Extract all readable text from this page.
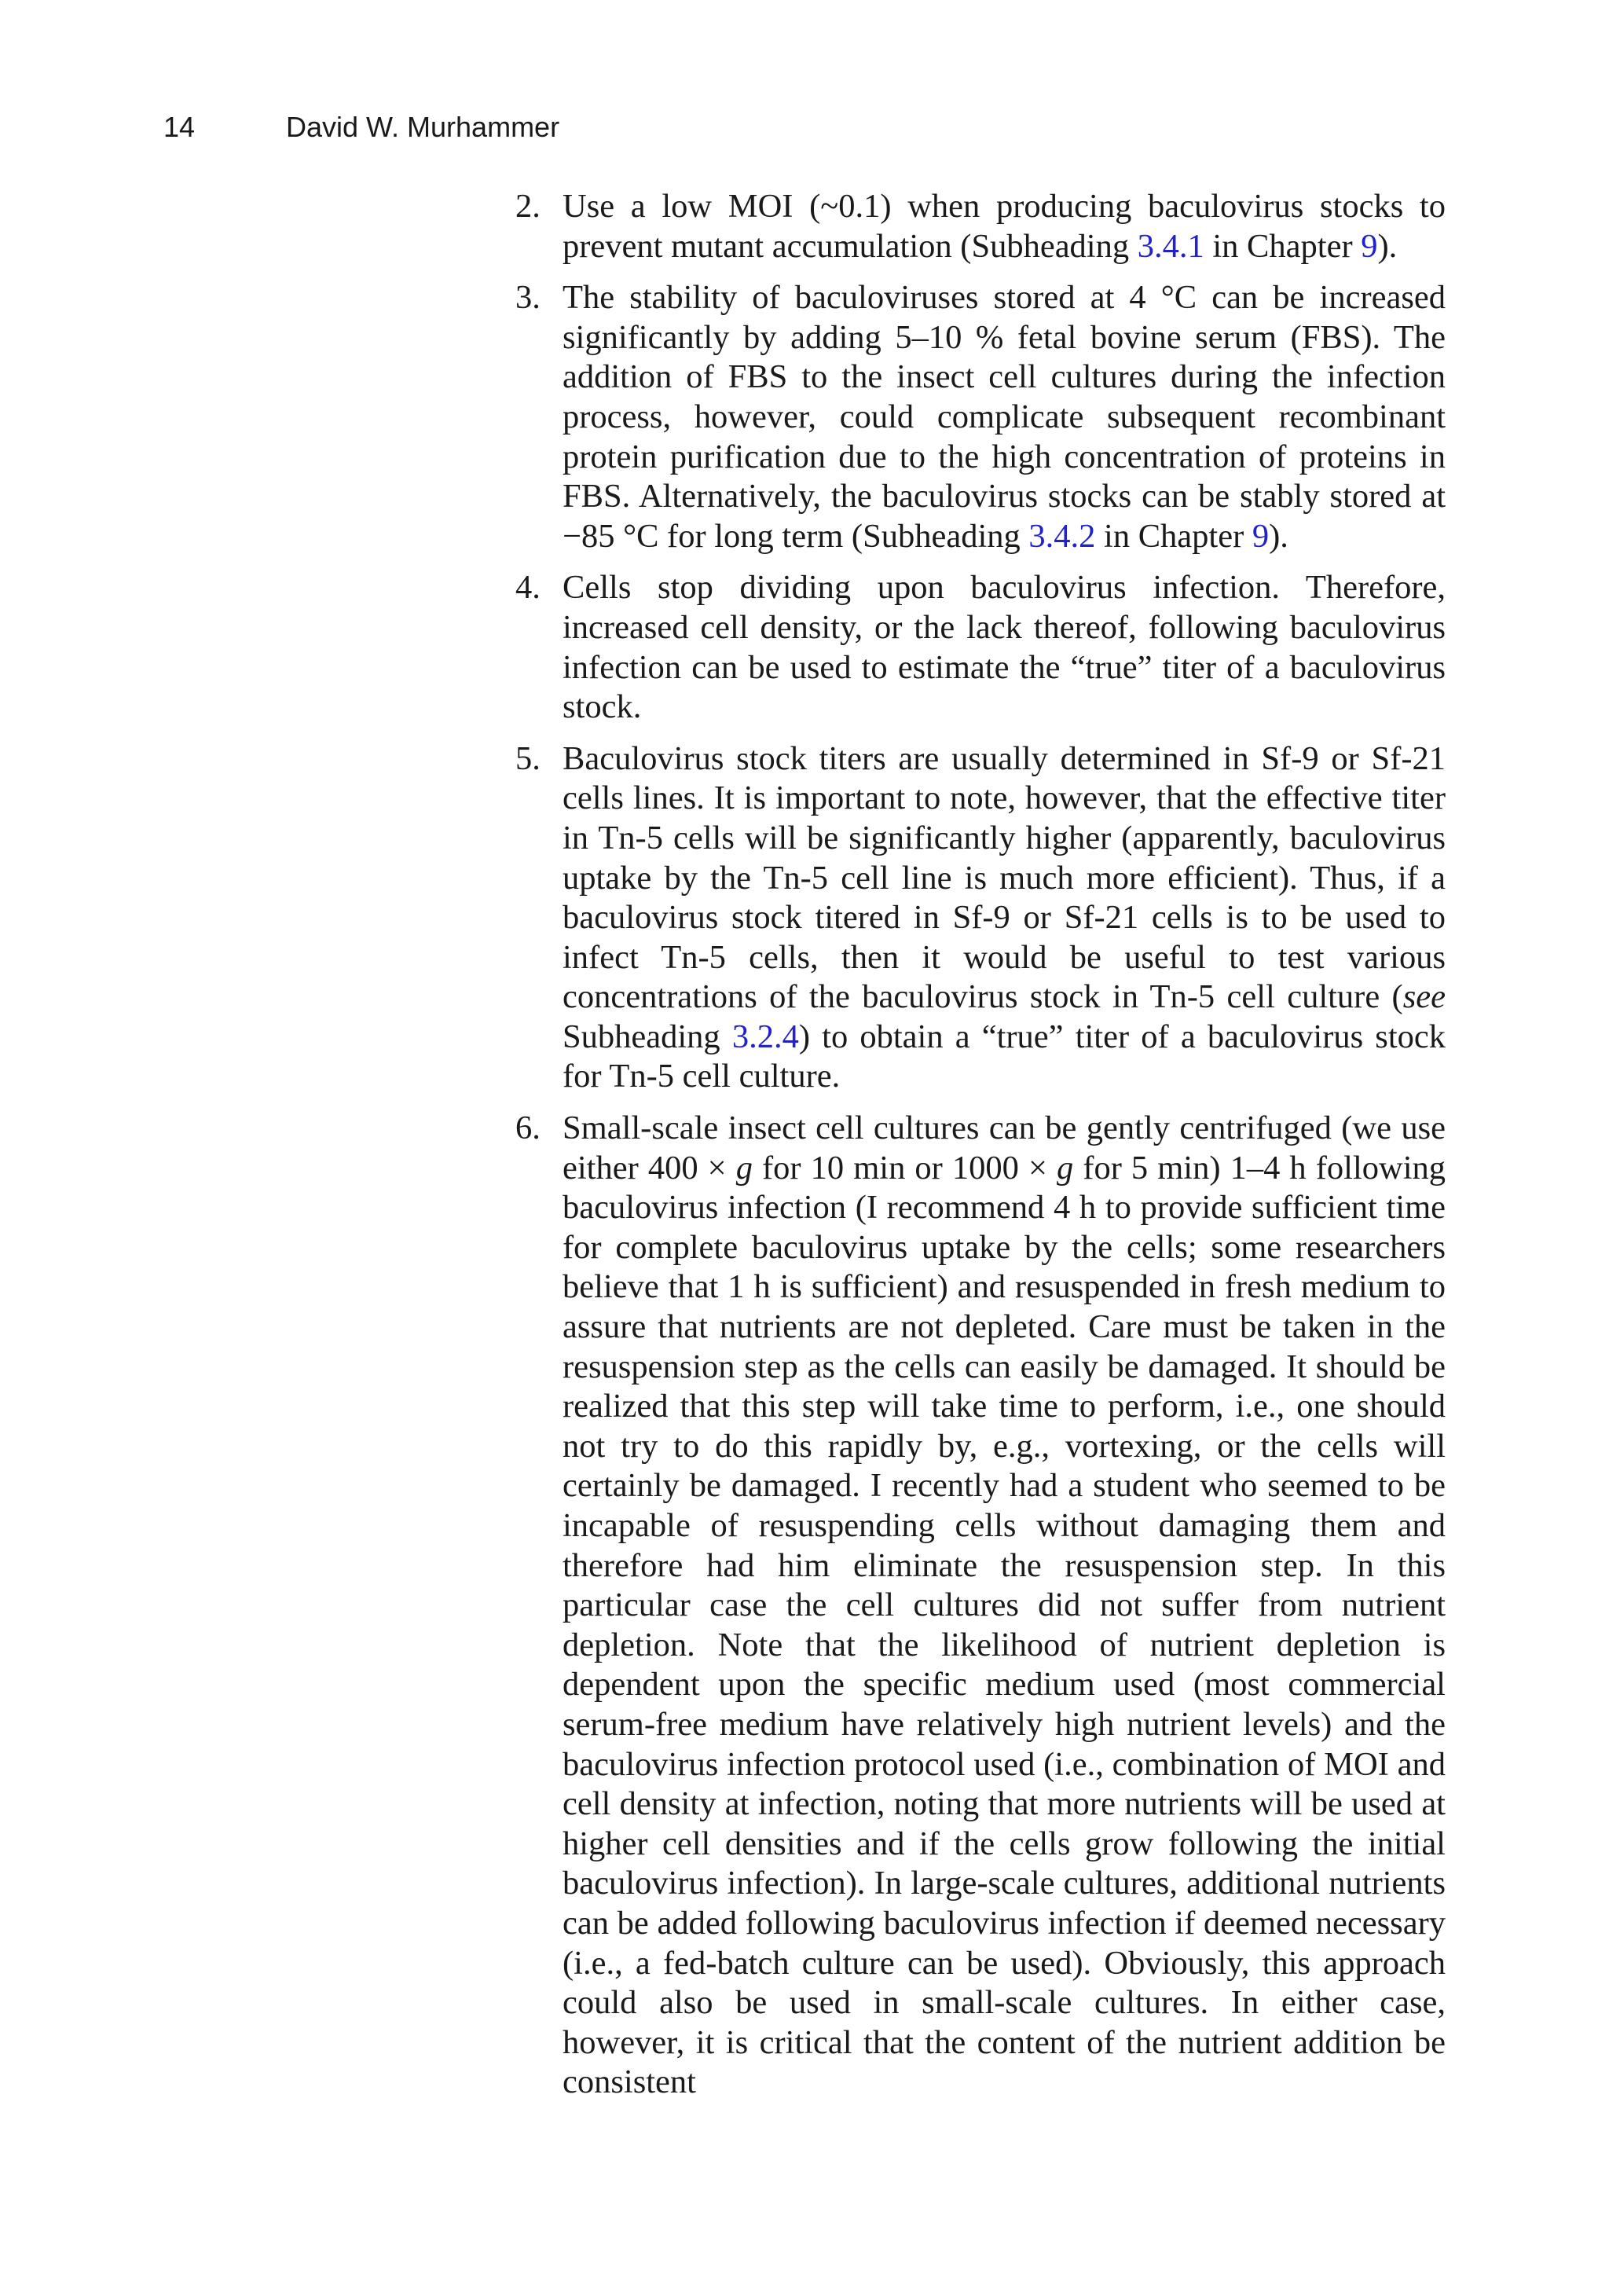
14	David W. Murhammer
2. Use a low MOI (~0.1) when producing baculovirus stocks to prevent mutant accumulation (Subheading 3.4.1 in Chapter 9).
3. The stability of baculoviruses stored at 4 °C can be increased significantly by adding 5–10 % fetal bovine serum (FBS). The addition of FBS to the insect cell cultures during the infection process, however, could complicate subsequent recombinant protein purification due to the high concentration of proteins in FBS. Alternatively, the baculovirus stocks can be stably stored at −85 °C for long term (Subheading 3.4.2 in Chapter 9).
4. Cells stop dividing upon baculovirus infection. Therefore, increased cell density, or the lack thereof, following baculovirus infection can be used to estimate the “true” titer of a baculovirus stock.
5. Baculovirus stock titers are usually determined in Sf-9 or Sf-21 cells lines. It is important to note, however, that the effective titer in Tn-5 cells will be significantly higher (apparently, baculovirus uptake by the Tn-5 cell line is much more efficient). Thus, if a baculovirus stock titered in Sf-9 or Sf-21 cells is to be used to infect Tn-5 cells, then it would be useful to test various concentrations of the baculovirus stock in Tn-5 cell culture (see Subheading 3.2.4) to obtain a “true” titer of a baculovirus stock for Tn-5 cell culture.
6. Small-scale insect cell cultures can be gently centrifuged (we use either 400 × g for 10 min or 1000 × g for 5 min) 1–4 h following baculovirus infection (I recommend 4 h to provide sufficient time for complete baculovirus uptake by the cells; some researchers believe that 1 h is sufficient) and resuspended in fresh medium to assure that nutrients are not depleted. Care must be taken in the resuspension step as the cells can easily be damaged. It should be realized that this step will take time to perform, i.e., one should not try to do this rapidly by, e.g., vortexing, or the cells will certainly be damaged. I recently had a student who seemed to be incapable of resuspending cells without damaging them and therefore had him eliminate the resuspension step. In this particular case the cell cultures did not suffer from nutrient depletion. Note that the likelihood of nutrient depletion is dependent upon the specific medium used (most commercial serum-free medium have relatively high nutrient levels) and the baculovirus infection protocol used (i.e., combination of MOI and cell density at infection, noting that more nutrients will be used at higher cell densities and if the cells grow following the initial baculovirus infection). In large-scale cultures, additional nutrients can be added following baculovirus infection if deemed necessary (i.e., a fed-batch culture can be used). Obviously, this approach could also be used in small-scale cultures. In either case, however, it is critical that the content of the nutrient addition be consistent
